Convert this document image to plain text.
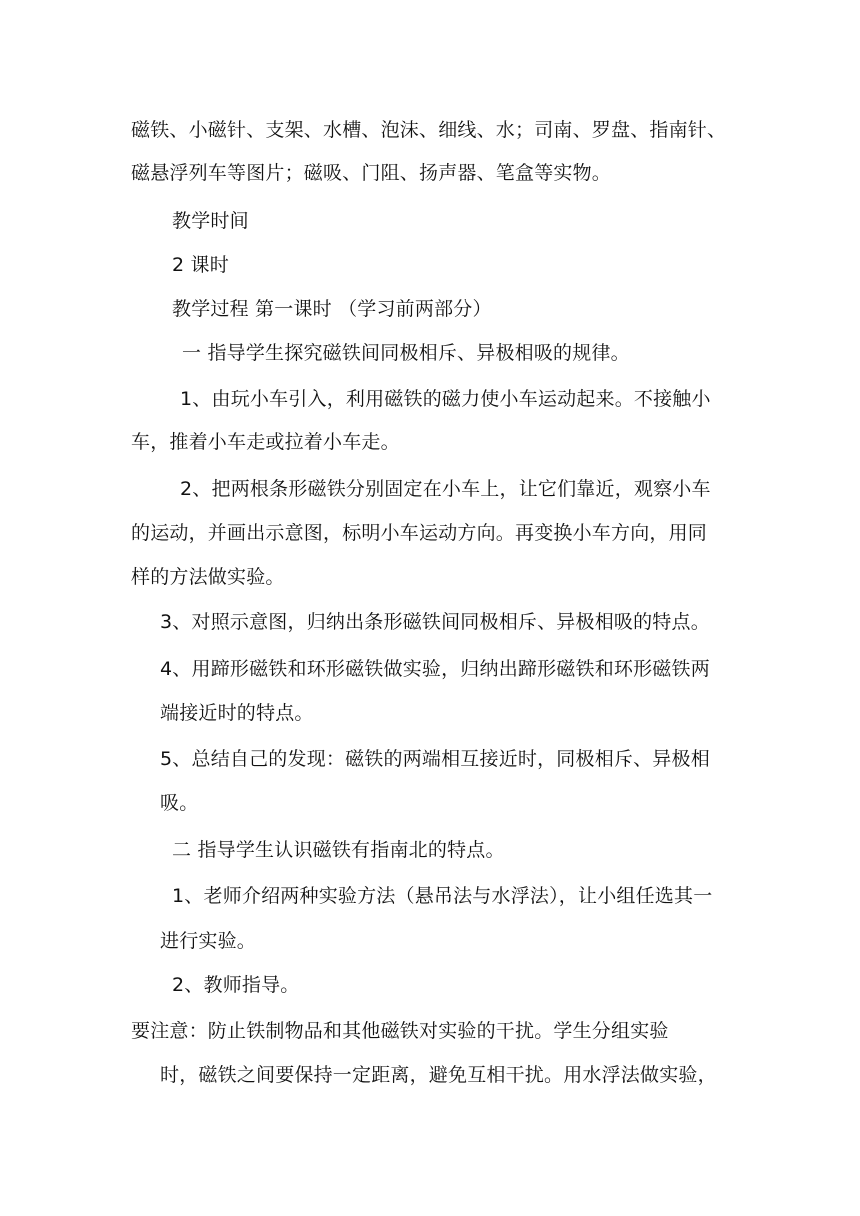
磁铁、小磁针、支架、水槽、泡沫、细线、水；司南、罗盘、指南针、
磁悬浮列车等图片；磁吸、门阻、扬声器、笔盒等实物。
教学时间
2 课时
教学过程 第一课时 （学习前两部分）
一 指导学生探究磁铁间同极相斥、异极相吸的规律。
1、由玩小车引入，利用磁铁的磁力使小车运动起来。不接触小
车，推着小车走或拉着小车走。
2、把两根条形磁铁分别固定在小车上，让它们靠近，观察小车
的运动，并画出示意图，标明小车运动方向。再变换小车方向，用同
样的方法做实验。
3、对照示意图，归纳出条形磁铁间同极相斥、异极相吸的特点。
4、用蹄形磁铁和环形磁铁做实验，归纳出蹄形磁铁和环形磁铁两
端接近时的特点。
5、总结自己的发现：磁铁的两端相互接近时，同极相斥、异极相
吸。
二 指导学生认识磁铁有指南北的特点。
1、老师介绍两种实验方法（悬吊法与水浮法），让小组任选其一
进行实验。
2、教师指导。
要注意：防止铁制物品和其他磁铁对实验的干扰。学生分组实验
时，磁铁之间要保持一定距离，避免互相干扰。用水浮法做实验，
